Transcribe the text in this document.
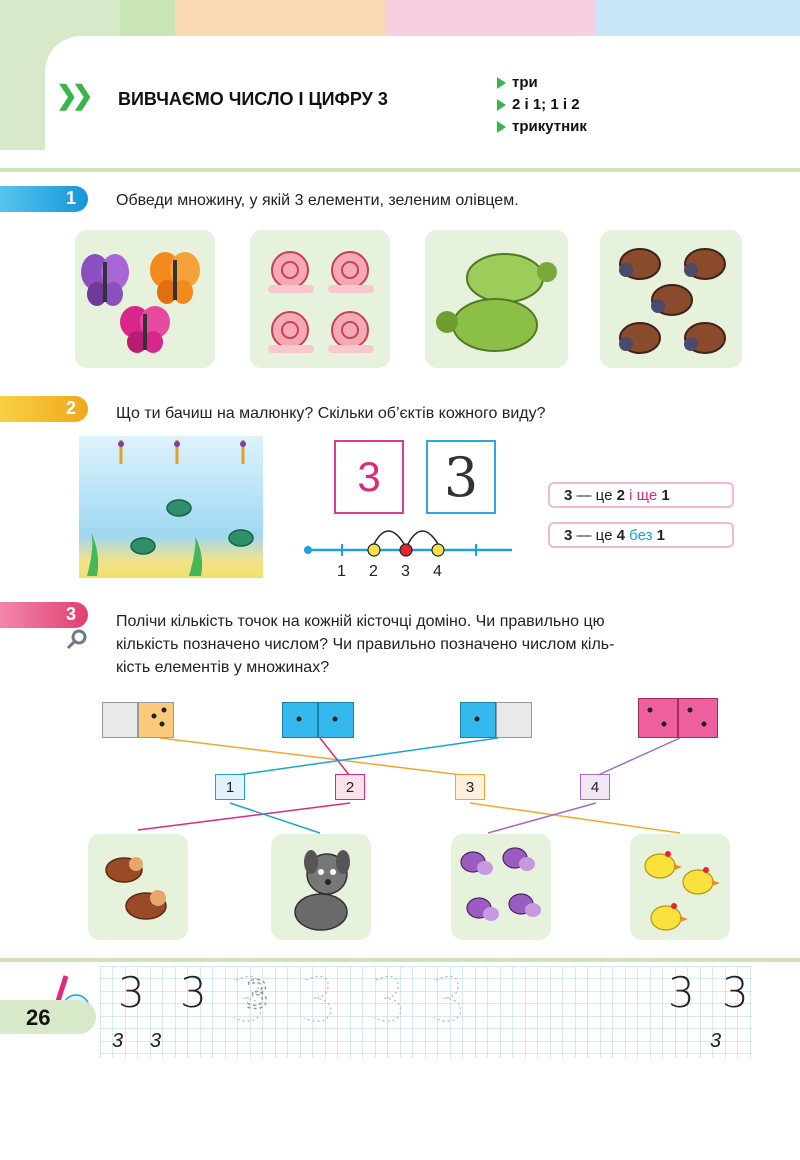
❯❯ ВИВЧАЄМО ЧИСЛО І ЦИФРУ 3
три
2 і 1; 1 і 2
трикутник
1	Обведи множину, у якій 3 елементи, зеленим олівцем.
2	Що ти бачиш на малюнку? Скільки об’єктів кожного виду?
3	3
1 2 3 4
3
— це
2
і ще
1
3
— це
4
без
1
3	Полічи кількість точок на кожній кісточці доміно. Чи правильно цю
кількість позначено числом? Чи правильно позначено числом кіль-
кість елементів у множинах?
1	2	3	4
3
3 3	3 3
3 3	3
26
